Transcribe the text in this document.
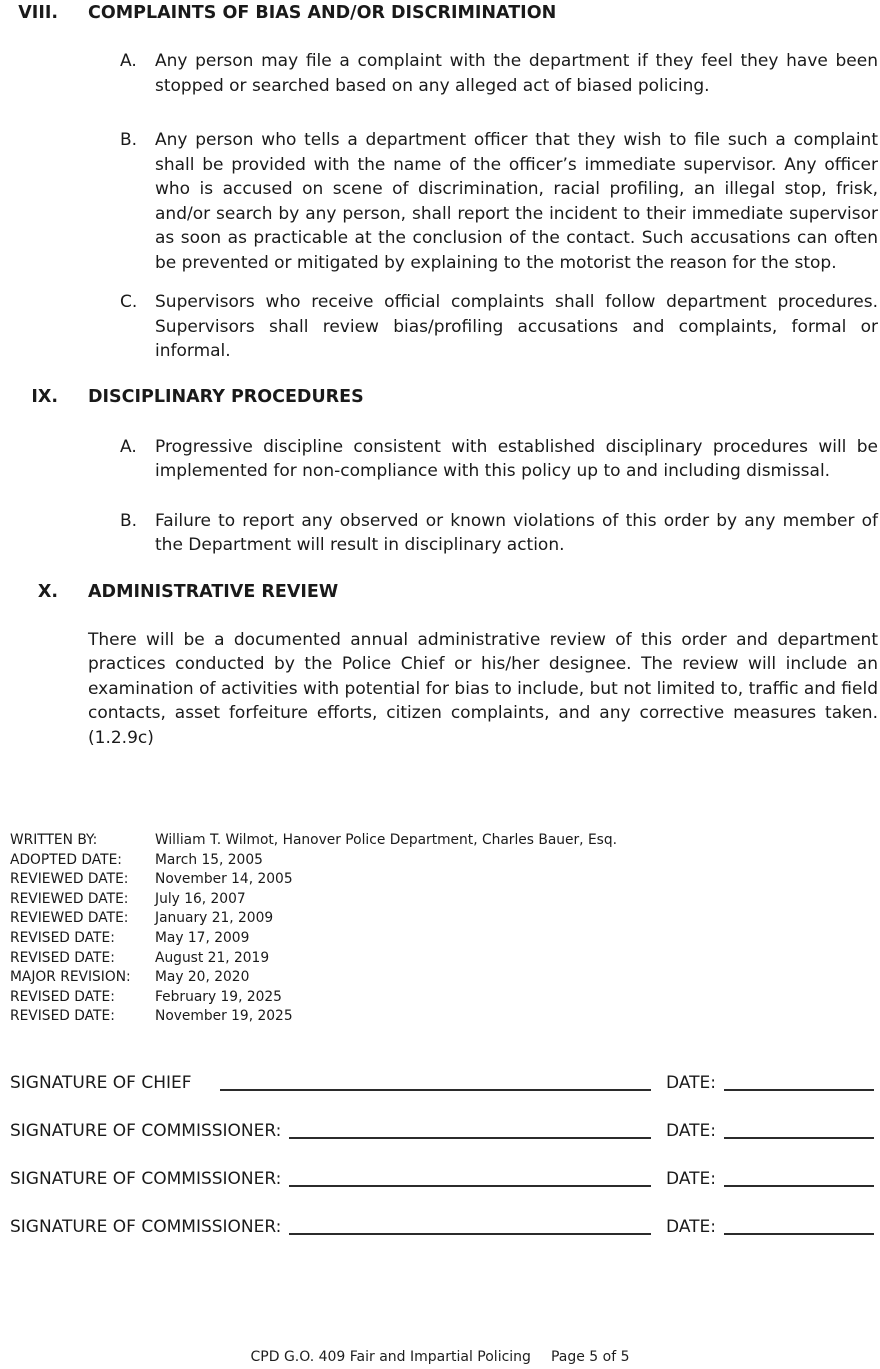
VIII. COMPLAINTS OF BIAS AND/OR DISCRIMINATION
A.	Any person may file a complaint with the department if they feel they have been stopped or searched based on any alleged act of biased policing.
B.	Any person who tells a department officer that they wish to file such a complaint shall be provided with the name of the officer’s immediate supervisor. Any officer who is accused on scene of discrimination, racial profiling, an illegal stop, frisk, and/or search by any person, shall report the incident to their immediate supervisor as soon as practicable at the conclusion of the contact. Such accusations can often be prevented or mitigated by explaining to the motorist the reason for the stop.
C.	Supervisors who receive official complaints shall follow department procedures. Supervisors shall review bias/profiling accusations and complaints, formal or informal.
IX. DISCIPLINARY PROCEDURES
A.	Progressive discipline consistent with established disciplinary procedures will be implemented for non-compliance with this policy up to and including dismissal.
B.	Failure to report any observed or known violations of this order by any member of the Department will result in disciplinary action.
X. ADMINISTRATIVE REVIEW
There will be a documented annual administrative review of this order and department practices conducted by the Police Chief or his/her designee. The review will include an examination of activities with potential for bias to include, but not limited to, traffic and field contacts, asset forfeiture efforts, citizen complaints, and any corrective measures taken. (1.2.9c)
WRITTEN BY:	William T. Wilmot, Hanover Police Department, Charles Bauer, Esq.
ADOPTED DATE:	March 15, 2005
REVIEWED DATE:	November 14, 2005
REVIEWED DATE:	July 16, 2007
REVIEWED DATE:	January 21, 2009
REVISED DATE:	May 17, 2009
REVISED DATE:	August 21, 2019
MAJOR REVISION:	May 20, 2020
REVISED DATE:	February 19, 2025
REVISED DATE:	November 19, 2025
SIGNATURE OF CHIEF	DATE:
SIGNATURE OF COMMISSIONER:	DATE:
SIGNATURE OF COMMISSIONER:	DATE:
SIGNATURE OF COMMISSIONER:	DATE:
CPD G.O. 409 Fair and Impartial Policing Page 5 of 5
